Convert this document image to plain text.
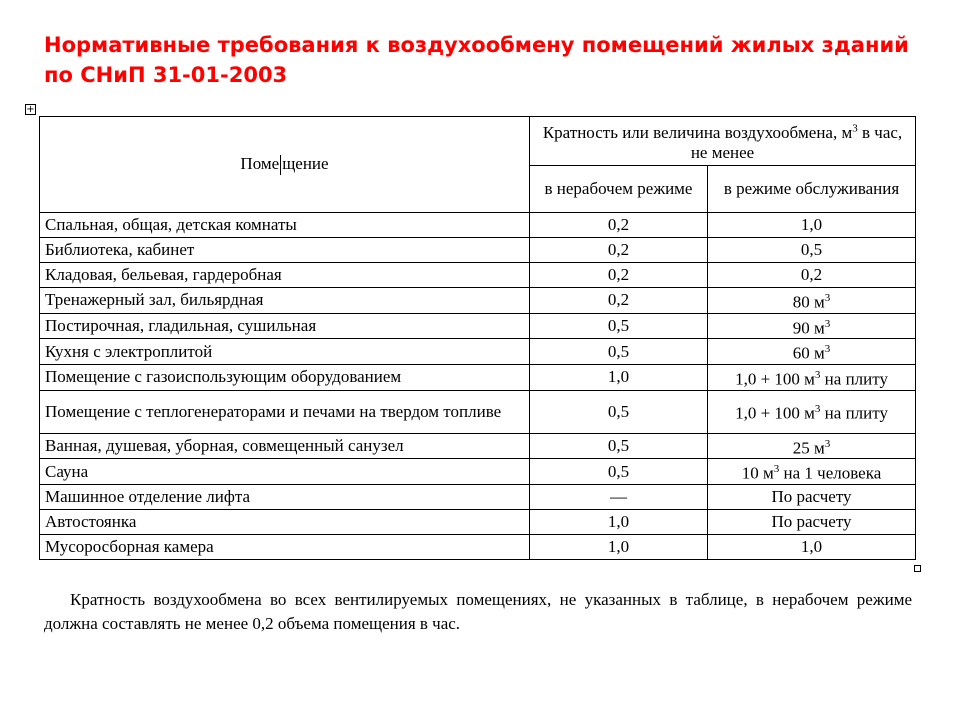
Нормативные требования к воздухообмену помещений жилых зданий по СНиП 31-01-2003
+
Поме щение	Кратность или величина воздухообмена, $м^3$ в час, не менее	
	в нерабочем режиме	в режиме обслуживания
Спальная, общая, детская комнаты	0,2	1,0
Библиотека, кабинет	0,2	0,5
Кладовая, бельевая, гардеробная	0,2	0,2
Тренажерный зал, бильярдная	0,2	80 $м^3$
Постирочная, гладильная, сушильная	0,5	90 $м^3$
Кухня с электроплитой	0,5	60 $м^3$
Помещение с газоиспользующим оборудованием	1,0	1,0 + 100 $м^3$ на плиту
Помещение с теплогенераторами и печами на твердом топливе	0,5	1,0 + 100 $м^3$ на плиту
Ванная, душевая, уборная, совмещенный санузел	0,5	25 $м^3$
Сауна	0,5	10 $м^3$ на 1 человека
Машинное отделение лифта	—	По расчету
Автостоянка	1,0	По расчету
Мусоросборная камера	1,0	1,0
Кратность воздухообмена во всех вентилируемых помещениях, не указанных в таблице, в нерабочем режиме должна составлять не менее 0,2 объема помещения в час.
